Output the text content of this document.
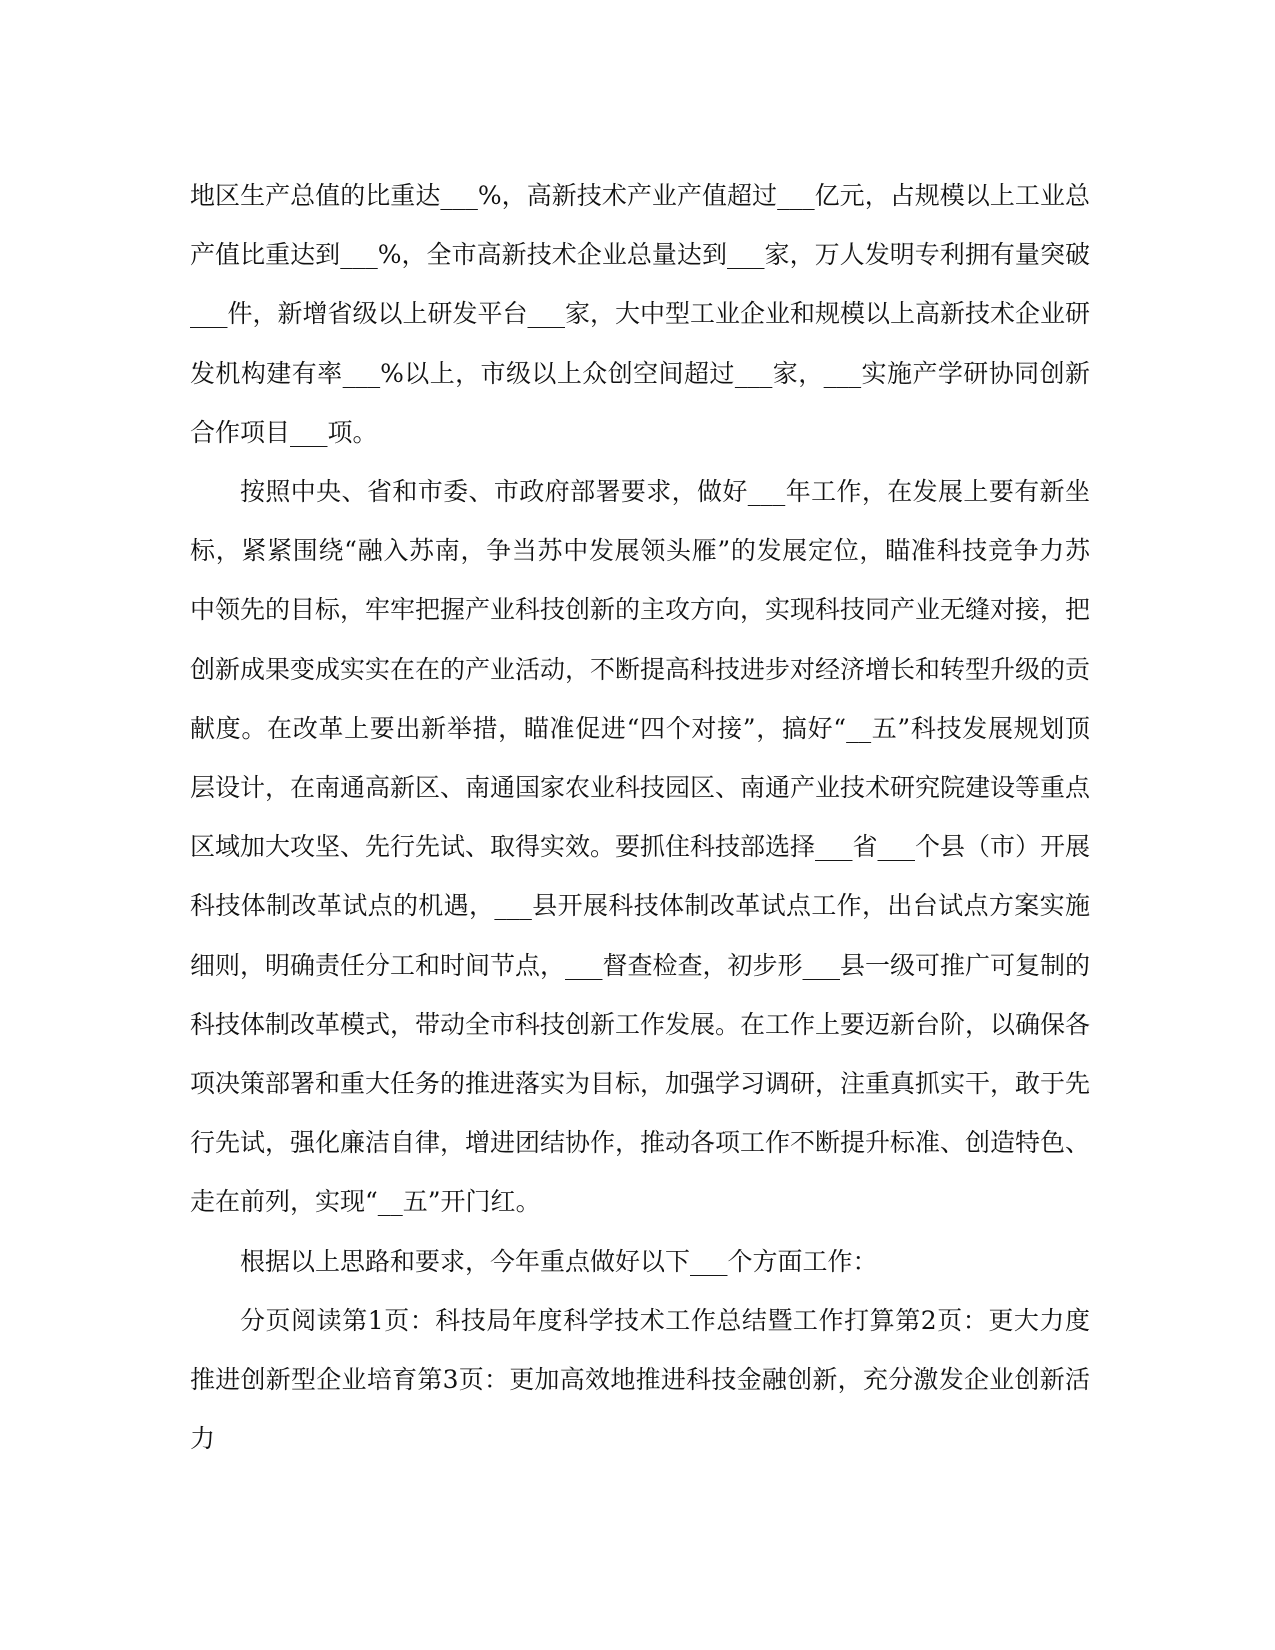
地区生产总值的比重达___%，高新技术产业产值超过___亿元，占规模以上工业总产值比重达到___%，全市高新技术企业总量达到___家，万人发明专利拥有量突破___件，新增省级以上研发平台___家，大中型工业企业和规模以上高新技术企业研发机构建有率___%以上，市级以上众创空间超过___家，___实施产学研协同创新合作项目___项。

按照中央、省和市委、市政府部署要求，做好___年工作，在发展上要有新坐标，紧紧围绕“融入苏南，争当苏中发展领头雁”的发展定位，瞄准科技竞争力苏中领先的目标，牢牢把握产业科技创新的主攻方向，实现科技同产业无缝对接，把创新成果变成实实在在的产业活动，不断提高科技进步对经济增长和转型升级的贡献度。在改革上要出新举措，瞄准促进“四个对接”，搞好“__五”科技发展规划顶层设计，在南通高新区、南通国家农业科技园区、南通产业技术研究院建设等重点区域加大攻坚、先行先试、取得实效。要抓住科技部选择___省___个县（市）开展科技体制改革试点的机遇，___县开展科技体制改革试点工作，出台试点方案实施细则，明确责任分工和时间节点，___督查检查，初步形___县一级可推广可复制的科技体制改革模式，带动全市科技创新工作发展。在工作上要迈新台阶，以确保各项决策部署和重大任务的推进落实为目标，加强学习调研，注重真抓实干，敢于先行先试，强化廉洁自律，增进团结协作，推动各项工作不断提升标准、创造特色、走在前列，实现“__五”开门红。

根据以上思路和要求，今年重点做好以下___个方面工作：

分页阅读第1页：科技局年度科学技术工作总结暨工作打算第2页：更大力度推进创新型企业培育第3页：更加高效地推进科技金融创新，充分激发企业创新活力
